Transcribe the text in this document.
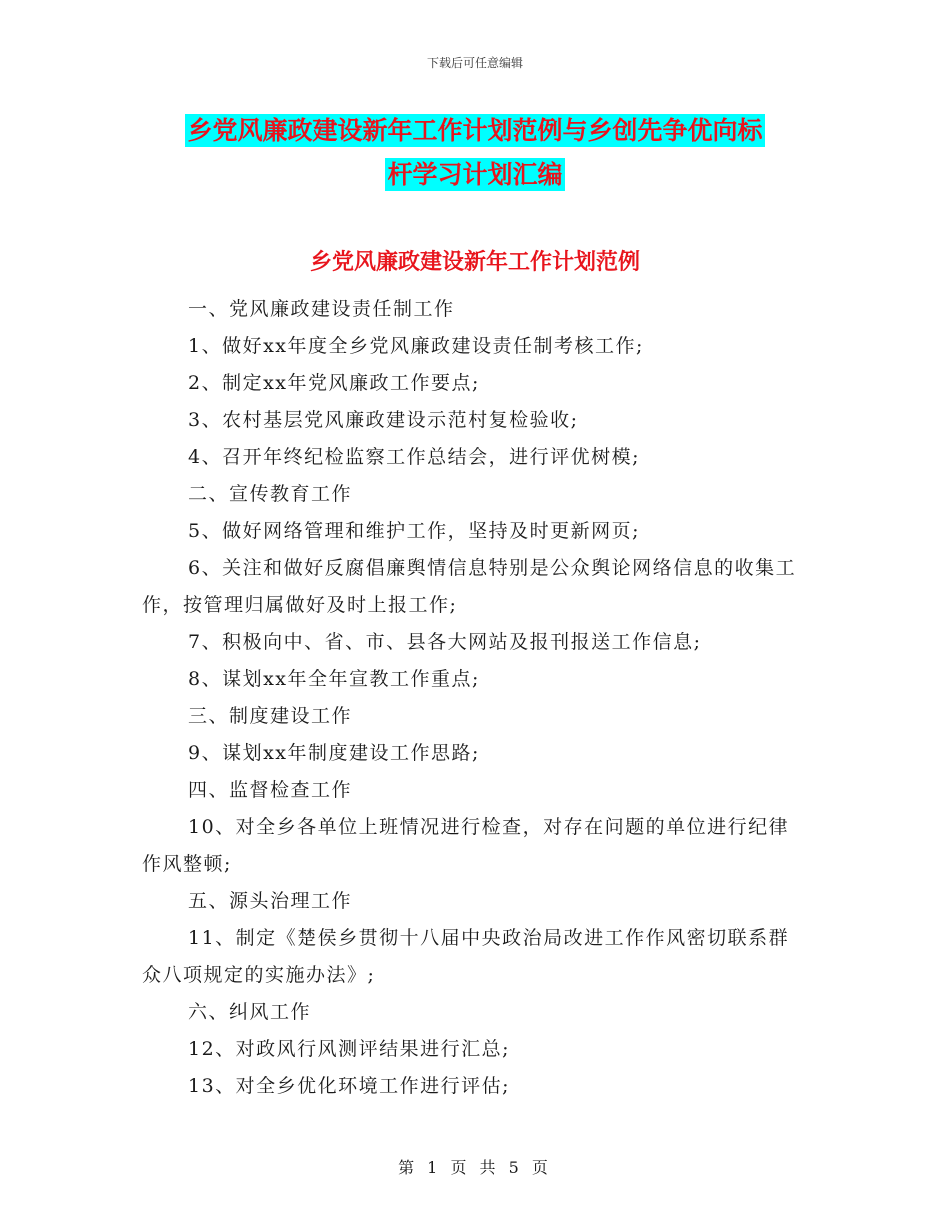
下载后可任意编辑
乡党风廉政建设新年工作计划范例与乡创先争优向标
杆学习计划汇编
乡党风廉政建设新年工作计划范例

一、党风廉政建设责任制工作

1、做好xx年度全乡党风廉政建设责任制考核工作;

2、制定xx年党风廉政工作要点;

3、农村基层党风廉政建设示范村复检验收;

4、召开年终纪检监察工作总结会，进行评优树模;

二、宣传教育工作

5、做好网络管理和维护工作，坚持及时更新网页;

6、关注和做好反腐倡廉舆情信息特别是公众舆论网络信息的收集工作，按管理归属做好及时上报工作;

7、积极向中、省、市、县各大网站及报刊报送工作信息;

8、谋划xx年全年宣教工作重点;

三、制度建设工作

9、谋划xx年制度建设工作思路;

四、监督检查工作

10、对全乡各单位上班情况进行检查，对存在问题的单位进行纪律作风整顿;

五、源头治理工作

11、制定《楚侯乡贯彻十八届中央政治局改进工作作风密切联系群众八项规定的实施办法》;

六、纠风工作

12、对政风行风测评结果进行汇总;

13、对全乡优化环境工作进行评估;

第 1 页 共 5 页
